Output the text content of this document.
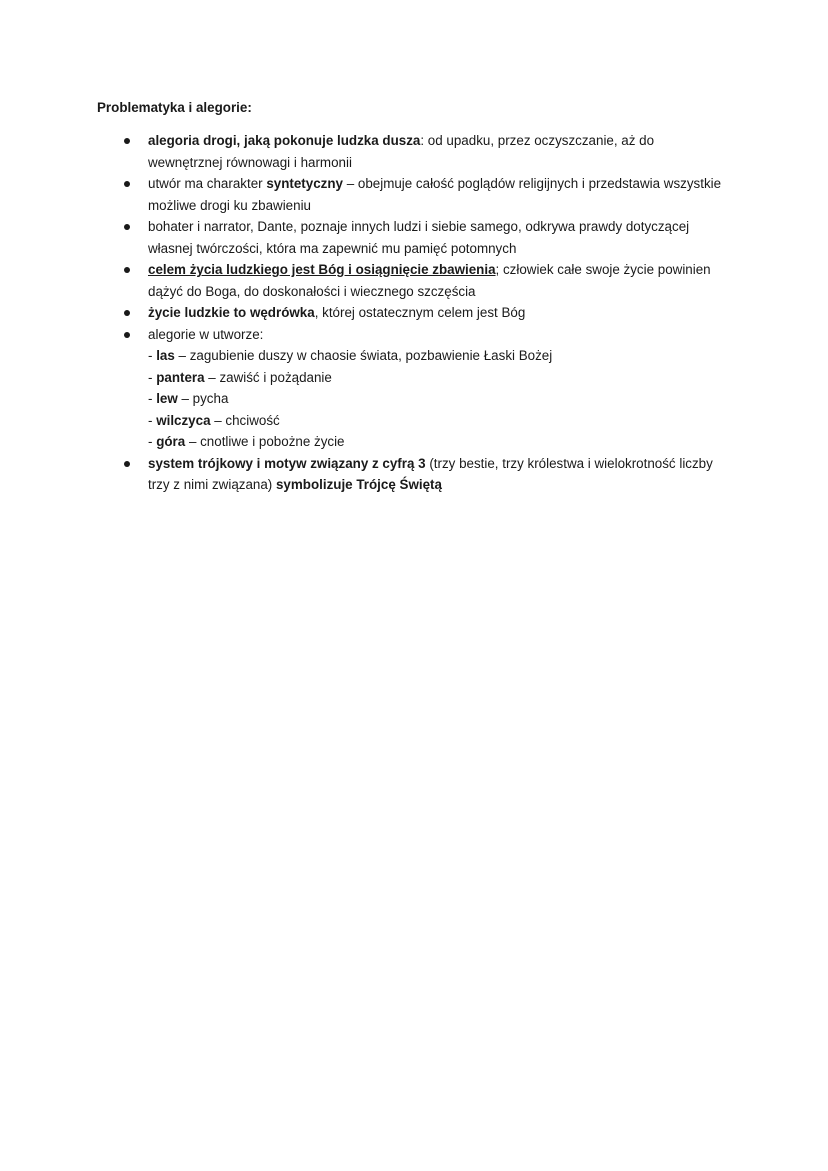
Problematyka i alegorie:

alegoria drogi, jaką pokonuje ludzka dusza: od upadku, przez oczyszczanie, aż do wewnętrznej równowagi i harmonii
utwór ma charakter syntetyczny – obejmuje całość poglądów religijnych i przedstawia wszystkie możliwe drogi ku zbawieniu
bohater i narrator, Dante, poznaje innych ludzi i siebie samego, odkrywa prawdy dotyczącej własnej twórczości, która ma zapewnić mu pamięć potomnych
celem życia ludzkiego jest Bóg i osiągnięcie zbawienia; człowiek całe swoje życie powinien dążyć do Boga, do doskonałości i wiecznego szczęścia
życie ludzkie to wędrówka, której ostatecznym celem jest Bóg
alegorie w utworze:
- las – zagubienie duszy w chaosie świata, pozbawienie Łaski Bożej
- pantera – zawiść i pożądanie
- lew – pycha
- wilczyca – chciwość
- góra – cnotliwe i pobożne życie
system trójkowy i motyw związany z cyfrą 3 (trzy bestie, trzy królestwa i wielokrotność liczby trzy z nimi związana) symbolizuje Trójcę Świętą
